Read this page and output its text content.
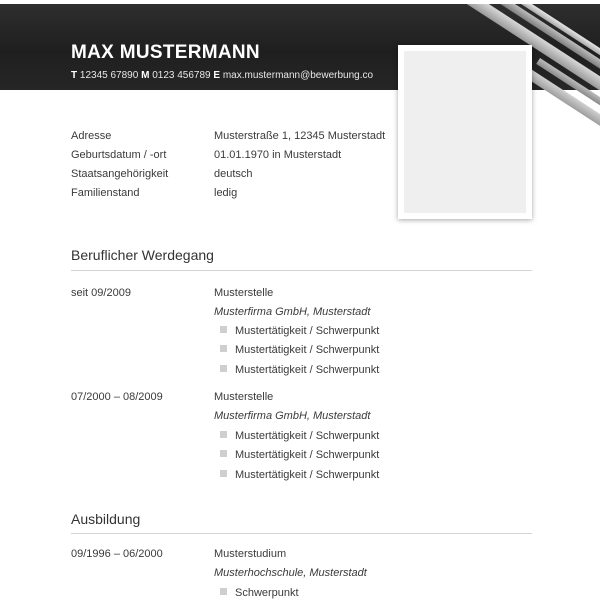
MAX MUSTERMANN
T 12345 67890 M 0123 456789 E max.mustermann@bewerbung.co
Adresse	Musterstraße 1, 12345 Musterstadt
Geburtsdatum / -ort	01.01.1970 in Musterstadt
Staatsangehörigkeit	deutsch
Familienstand	ledig
Beruflicher Werdegang
seit 09/2009	Musterstelle
Musterfirma GmbH, Musterstadt
Mustertätigkeit / Schwerpunkt
Mustertätigkeit / Schwerpunkt
Mustertätigkeit / Schwerpunkt
07/2000 – 08/2009	Musterstelle
Musterfirma GmbH, Musterstadt
Mustertätigkeit / Schwerpunkt
Mustertätigkeit / Schwerpunkt
Mustertätigkeit / Schwerpunkt
Ausbildung
09/1996 – 06/2000	Musterstudium
Musterhochschule, Musterstadt
Schwerpunkt
